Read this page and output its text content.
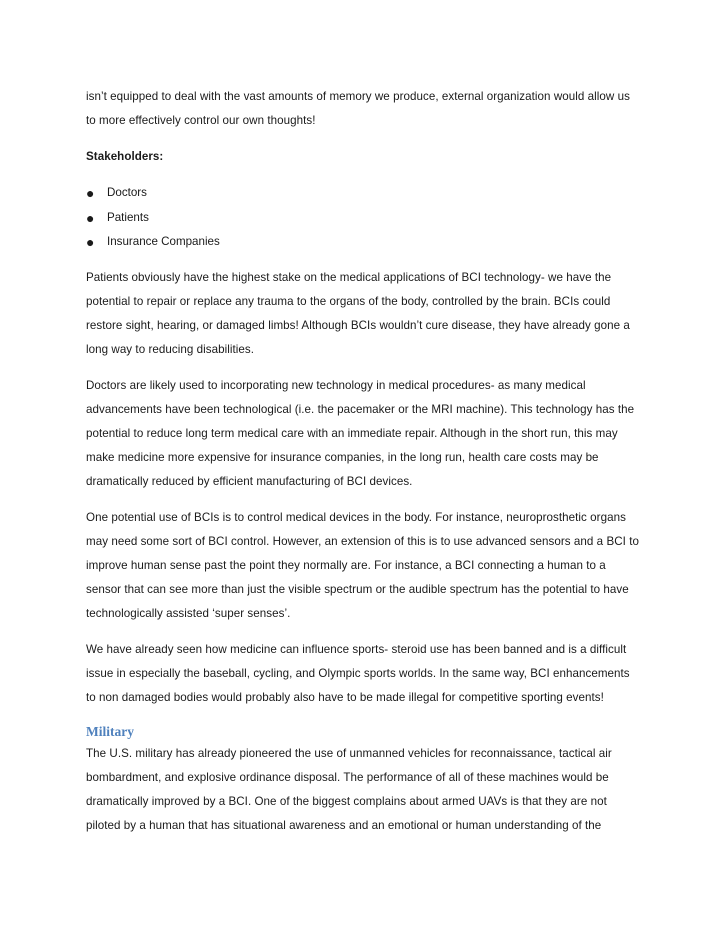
isn’t equipped to deal with the vast amounts of memory we produce, external organization would allow us to more effectively control our own thoughts!

Stakeholders:

● Doctors
● Patients
● Insurance Companies

Patients obviously have the highest stake on the medical applications of BCI technology- we have the potential to repair or replace any trauma to the organs of the body, controlled by the brain. BCIs could restore sight, hearing, or damaged limbs! Although BCIs wouldn’t cure disease, they have already gone a long way to reducing disabilities.

Doctors are likely used to incorporating new technology in medical procedures- as many medical advancements have been technological (i.e. the pacemaker or the MRI machine). This technology has the potential to reduce long term medical care with an immediate repair. Although in the short run, this may make medicine more expensive for insurance companies, in the long run, health care costs may be dramatically reduced by efficient manufacturing of BCI devices.

One potential use of BCIs is to control medical devices in the body. For instance, neuroprosthetic organs may need some sort of BCI control. However, an extension of this is to use advanced sensors and a BCI to improve human sense past the point they normally are. For instance, a BCI connecting a human to a sensor that can see more than just the visible spectrum or the audible spectrum has the potential to have technologically assisted ‘super senses’.

We have already seen how medicine can influence sports- steroid use has been banned and is a difficult issue in especially the baseball, cycling, and Olympic sports worlds. In the same way, BCI enhancements to non damaged bodies would probably also have to be made illegal for competitive sporting events!

Military

The U.S. military has already pioneered the use of unmanned vehicles for reconnaissance, tactical air bombardment, and explosive ordinance disposal. The performance of all of these machines would be dramatically improved by a BCI. One of the biggest complains about armed UAVs is that they are not piloted by a human that has situational awareness and an emotional or human understanding of the
